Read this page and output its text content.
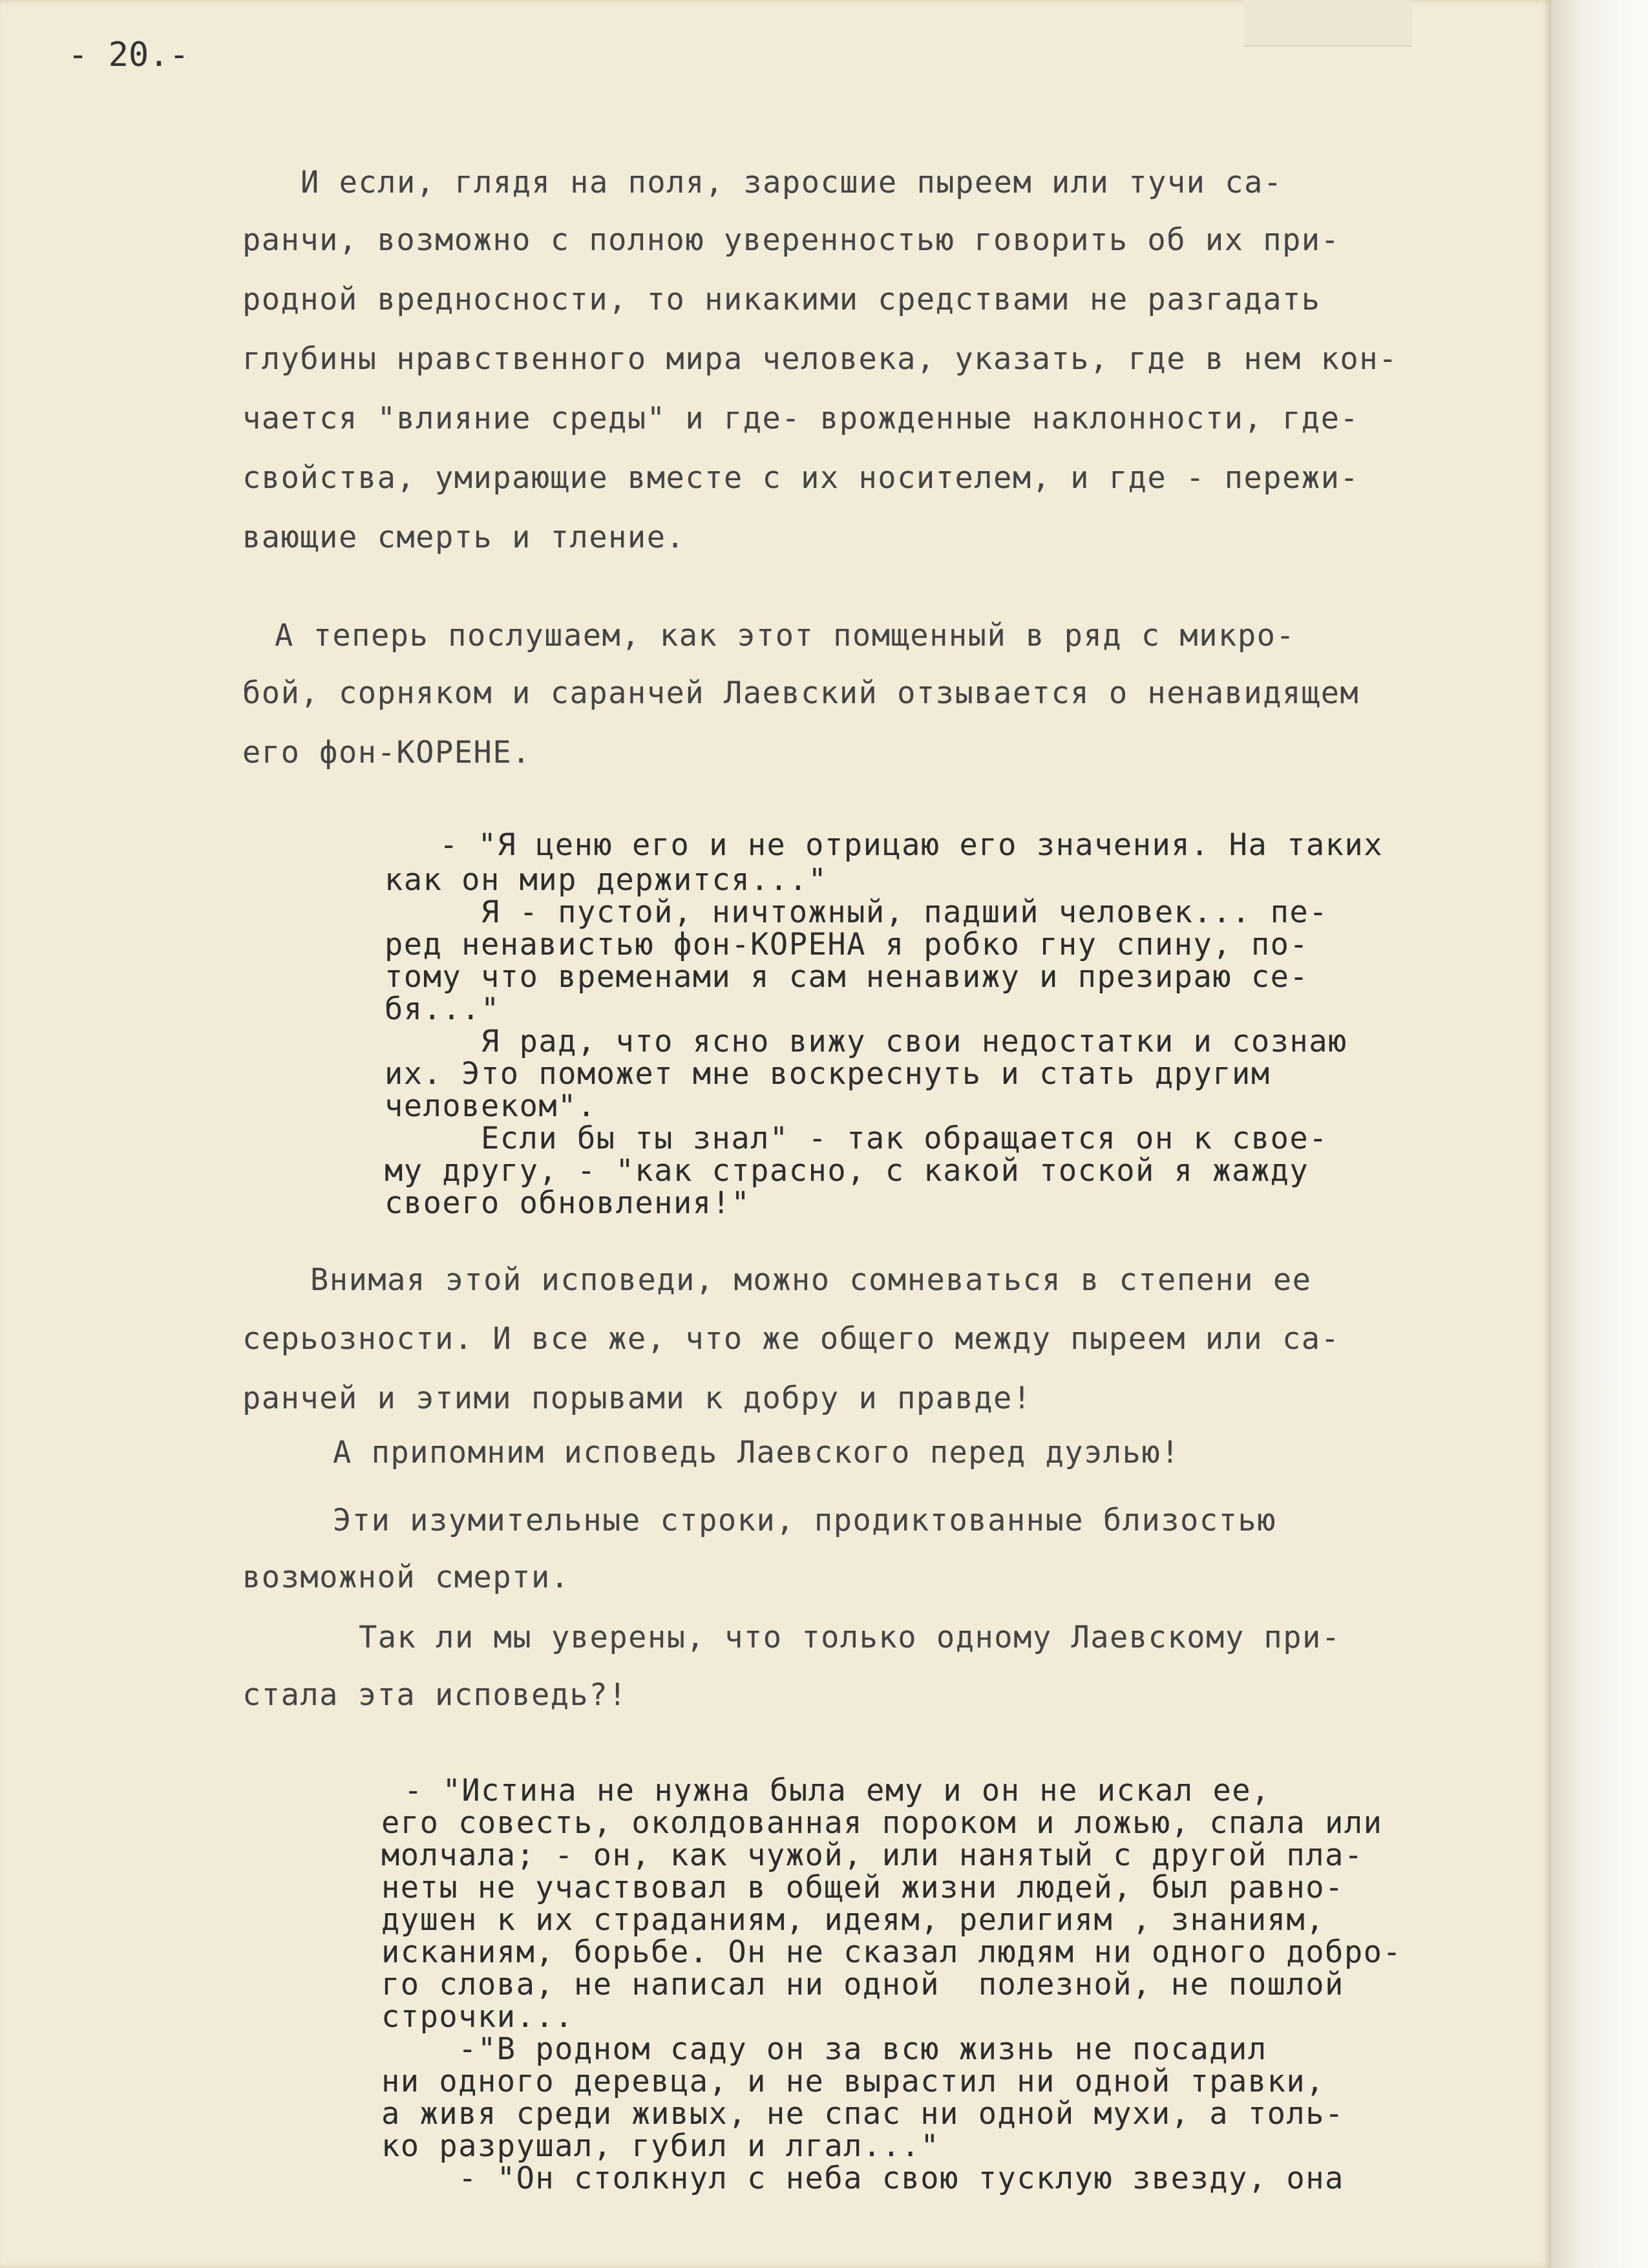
- 20.-

И если, глядя на поля, заросшие пыреем или тучи са-

ранчи, возможно с полною уверенностью говорить об их при-
родной вредносности, то никакими средствами не разгадать
глубины нравственного мира человека, указать, где в нем кон-
чается "влияние среды" и где- врожденные наклонности, где-
свойства, умирающие вместе с их носителем, и где - пережи-
вающие смерть и тление.

А теперь послушаем, как этот помщенный в ряд с микро-

бой, сорняком и саранчей Лаевский отзывается о ненавидящем
его фон-КОРЕНЕ.

- "Я ценю его и не отрицаю его значения. На таких

как он мир держится..."
Я - пустой, ничтожный, падший человек... пе-
ред ненавистью фон-КОРЕНА я робко гну спину, по-
тому что временами я сам ненавижу и презираю се-
бя..."
Я рад, что ясно вижу свои недостатки и сознаю
их. Это поможет мне воскреснуть и стать другим
человеком".
Если бы ты знал" - так обращается он к свое-
му другу, - "как страсно, с какой тоской я жажду
своего обновления!"

Внимая этой исповеди, можно сомневаться в степени ее

серьозности. И все же, что же общего между пыреем или са-
ранчей и этими порывами к добру и правде!

А припомним исповедь Лаевского перед дуэлью!

Эти изумительные строки, продиктованные близостью

возможной смерти.

Так ли мы уверены, что только одному Лаевскому при-

стала эта исповедь?!

- "Истина не нужна была ему и он не искал ее,

его совесть, околдованная пороком и ложью, спала или
молчала; - он, как чужой, или нанятый с другой пла-
неты не участвовал в общей жизни людей, был равно-
душен к их страданиям, идеям, религиям , знаниям,
исканиям, борьбе. Он не сказал людям ни одного добро-
го слова, не написал ни одной  полезной, не пошлой
строчки...
-"В родном саду он за всю жизнь не посадил
ни одного деревца, и не вырастил ни одной травки,
а живя среди живых, не спас ни одной мухи, а толь-
ко разрушал, губил и лгал..."
- "Он столкнул с неба свою тусклую звезду, она
